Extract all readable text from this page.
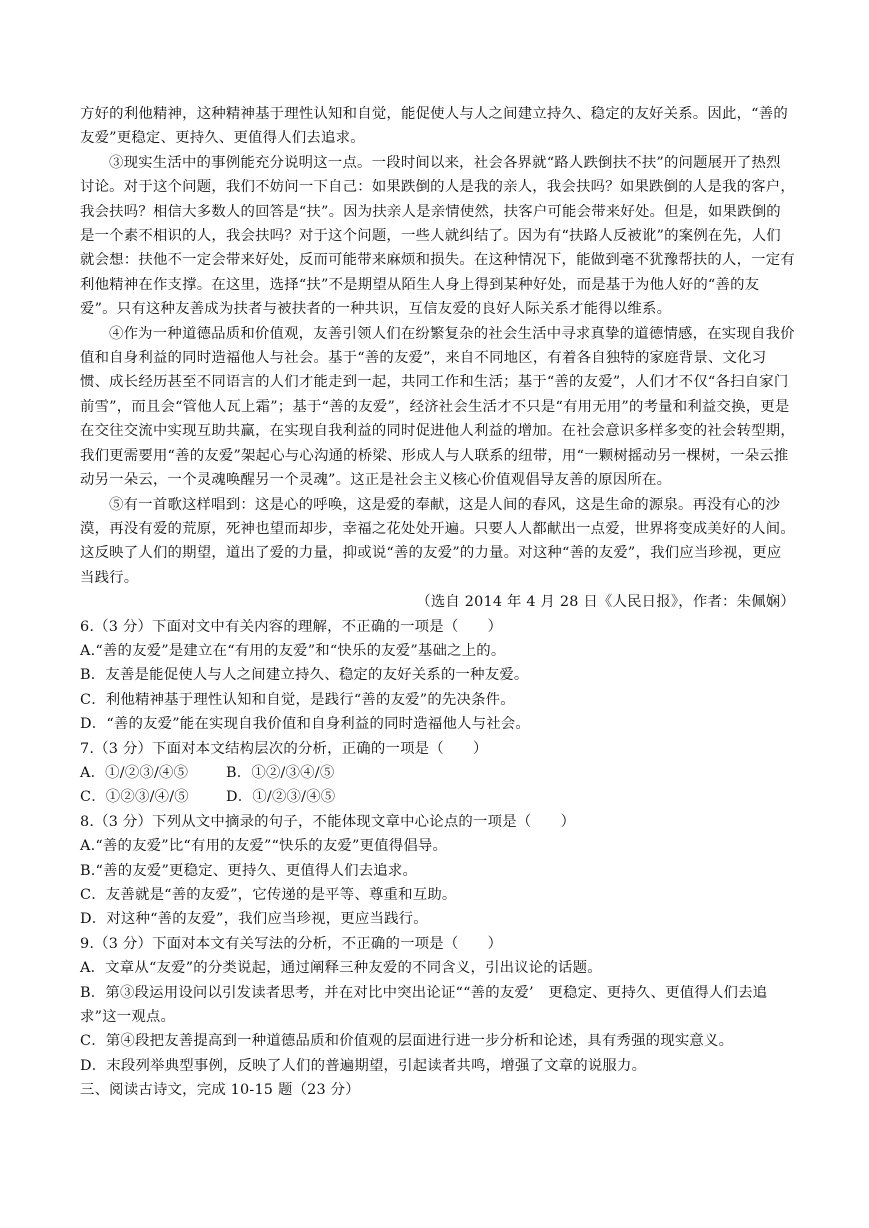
方好的利他精神，这种精神基于理性认知和自觉，能促使人与人之间建立持久、稳定的友好关系。因此，“善的友爱”更稳定、更持久、更值得人们去追求。

③现实生活中的事例能充分说明这一点。一段时间以来，社会各界就“路人跌倒扶不扶”的问题展开了热烈讨论。对于这个问题，我们不妨问一下自己：如果跌倒的人是我的亲人，我会扶吗？如果跌倒的人是我的客户，我会扶吗？相信大多数人的回答是“扶”。因为扶亲人是亲情使然，扶客户可能会带来好处。但是，如果跌倒的是一个素不相识的人，我会扶吗？对于这个问题，一些人就纠结了。因为有“扶路人反被讹”的案例在先，人们就会想：扶他不一定会带来好处，反而可能带来麻烦和损失。在这种情况下，能做到毫不犹豫帮扶的人，一定有利他精神在作支撑。在这里，选择“扶”不是期望从陌生人身上得到某种好处，而是基于为他人好的“善的友爱”。只有这种友善成为扶者与被扶者的一种共识，互信友爱的良好人际关系才能得以维系。

④作为一种道德品质和价值观，友善引领人们在纷繁复杂的社会生活中寻求真挚的道德情感，在实现自我价值和自身利益的同时造福他人与社会。基于“善的友爱”，来自不同地区，有着各自独特的家庭背景、文化习惯、成长经历甚至不同语言的人们才能走到一起，共同工作和生活；基于“善的友爱”，人们才不仅“各扫自家门前雪”，而且会“管他人瓦上霜”；基于“善的友爱”，经济社会生活才不只是“有用无用”的考量和利益交换，更是在交往交流中实现互助共赢，在实现自我利益的同时促进他人利益的增加。在社会意识多样多变的社会转型期，我们更需要用“善的友爱”架起心与心沟通的桥梁、形成人与人联系的纽带，用“一颗树摇动另一棵树，一朵云推动另一朵云，一个灵魂唤醒另一个灵魂”。这正是社会主义核心价值观倡导友善的原因所在。

⑤有一首歌这样唱到：这是心的呼唤，这是爱的奉献，这是人间的春风，这是生命的源泉。再没有心的沙漠，再没有爱的荒原，死神也望而却步，幸福之花处处开遍。只要人人都献出一点爱，世界将变成美好的人间。这反映了人们的期望，道出了爱的力量，抑或说“善的友爱”的力量。对这种“善的友爱”，我们应当珍视，更应当践行。

（选自 2014 年 4 月 28 日《人民日报》，作者：朱佩娴）

6.（3 分）下面对文中有关内容的理解，不正确的一项是（　　）

A.“善的友爱”是建立在“有用的友爱”和“快乐的友爱”基础之上的。

B．友善是能促使人与人之间建立持久、稳定的友好关系的一种友爱。

C．利他精神基于理性认知和自觉，是践行“善的友爱”的先决条件。

D．“善的友爱”能在实现自我价值和自身利益的同时造福他人与社会。

7.（3 分）下面对本文结构层次的分析，正确的一项是（　　）

A．①/②③/④⑤	B．①②/③④/⑤
C．①②③/④/⑤	D．①/②③/④⑤

8.（3 分）下列从文中摘录的句子，不能体现文章中心论点的一项是（　　）

A.“善的友爱”比“有用的友爱”“快乐的友爱”更值得倡导。

B.“善的友爱”更稳定、更持久、更值得人们去追求。

C．友善就是“善的友爱”，它传递的是平等、尊重和互助。

D．对这种“善的友爱”，我们应当珍视，更应当践行。

9.（3 分）下面对本文有关写法的分析，不正确的一项是（　　）

A．文章从“友爱”的分类说起，通过阐释三种友爱的不同含义，引出议论的话题。

B．第③段运用设问以引发读者思考，并在对比中突出论证““善的友爱’　更稳定、更持久、更值得人们去追求”这一观点。

C．第④段把友善提高到一种道德品质和价值观的层面进行进一步分析和论述，具有秀强的现实意义。

D．末段列举典型事例，反映了人们的普遍期望，引起读者共鸣，增强了文章的说服力。

三、阅读古诗文，完成 10-15 题（23 分）
